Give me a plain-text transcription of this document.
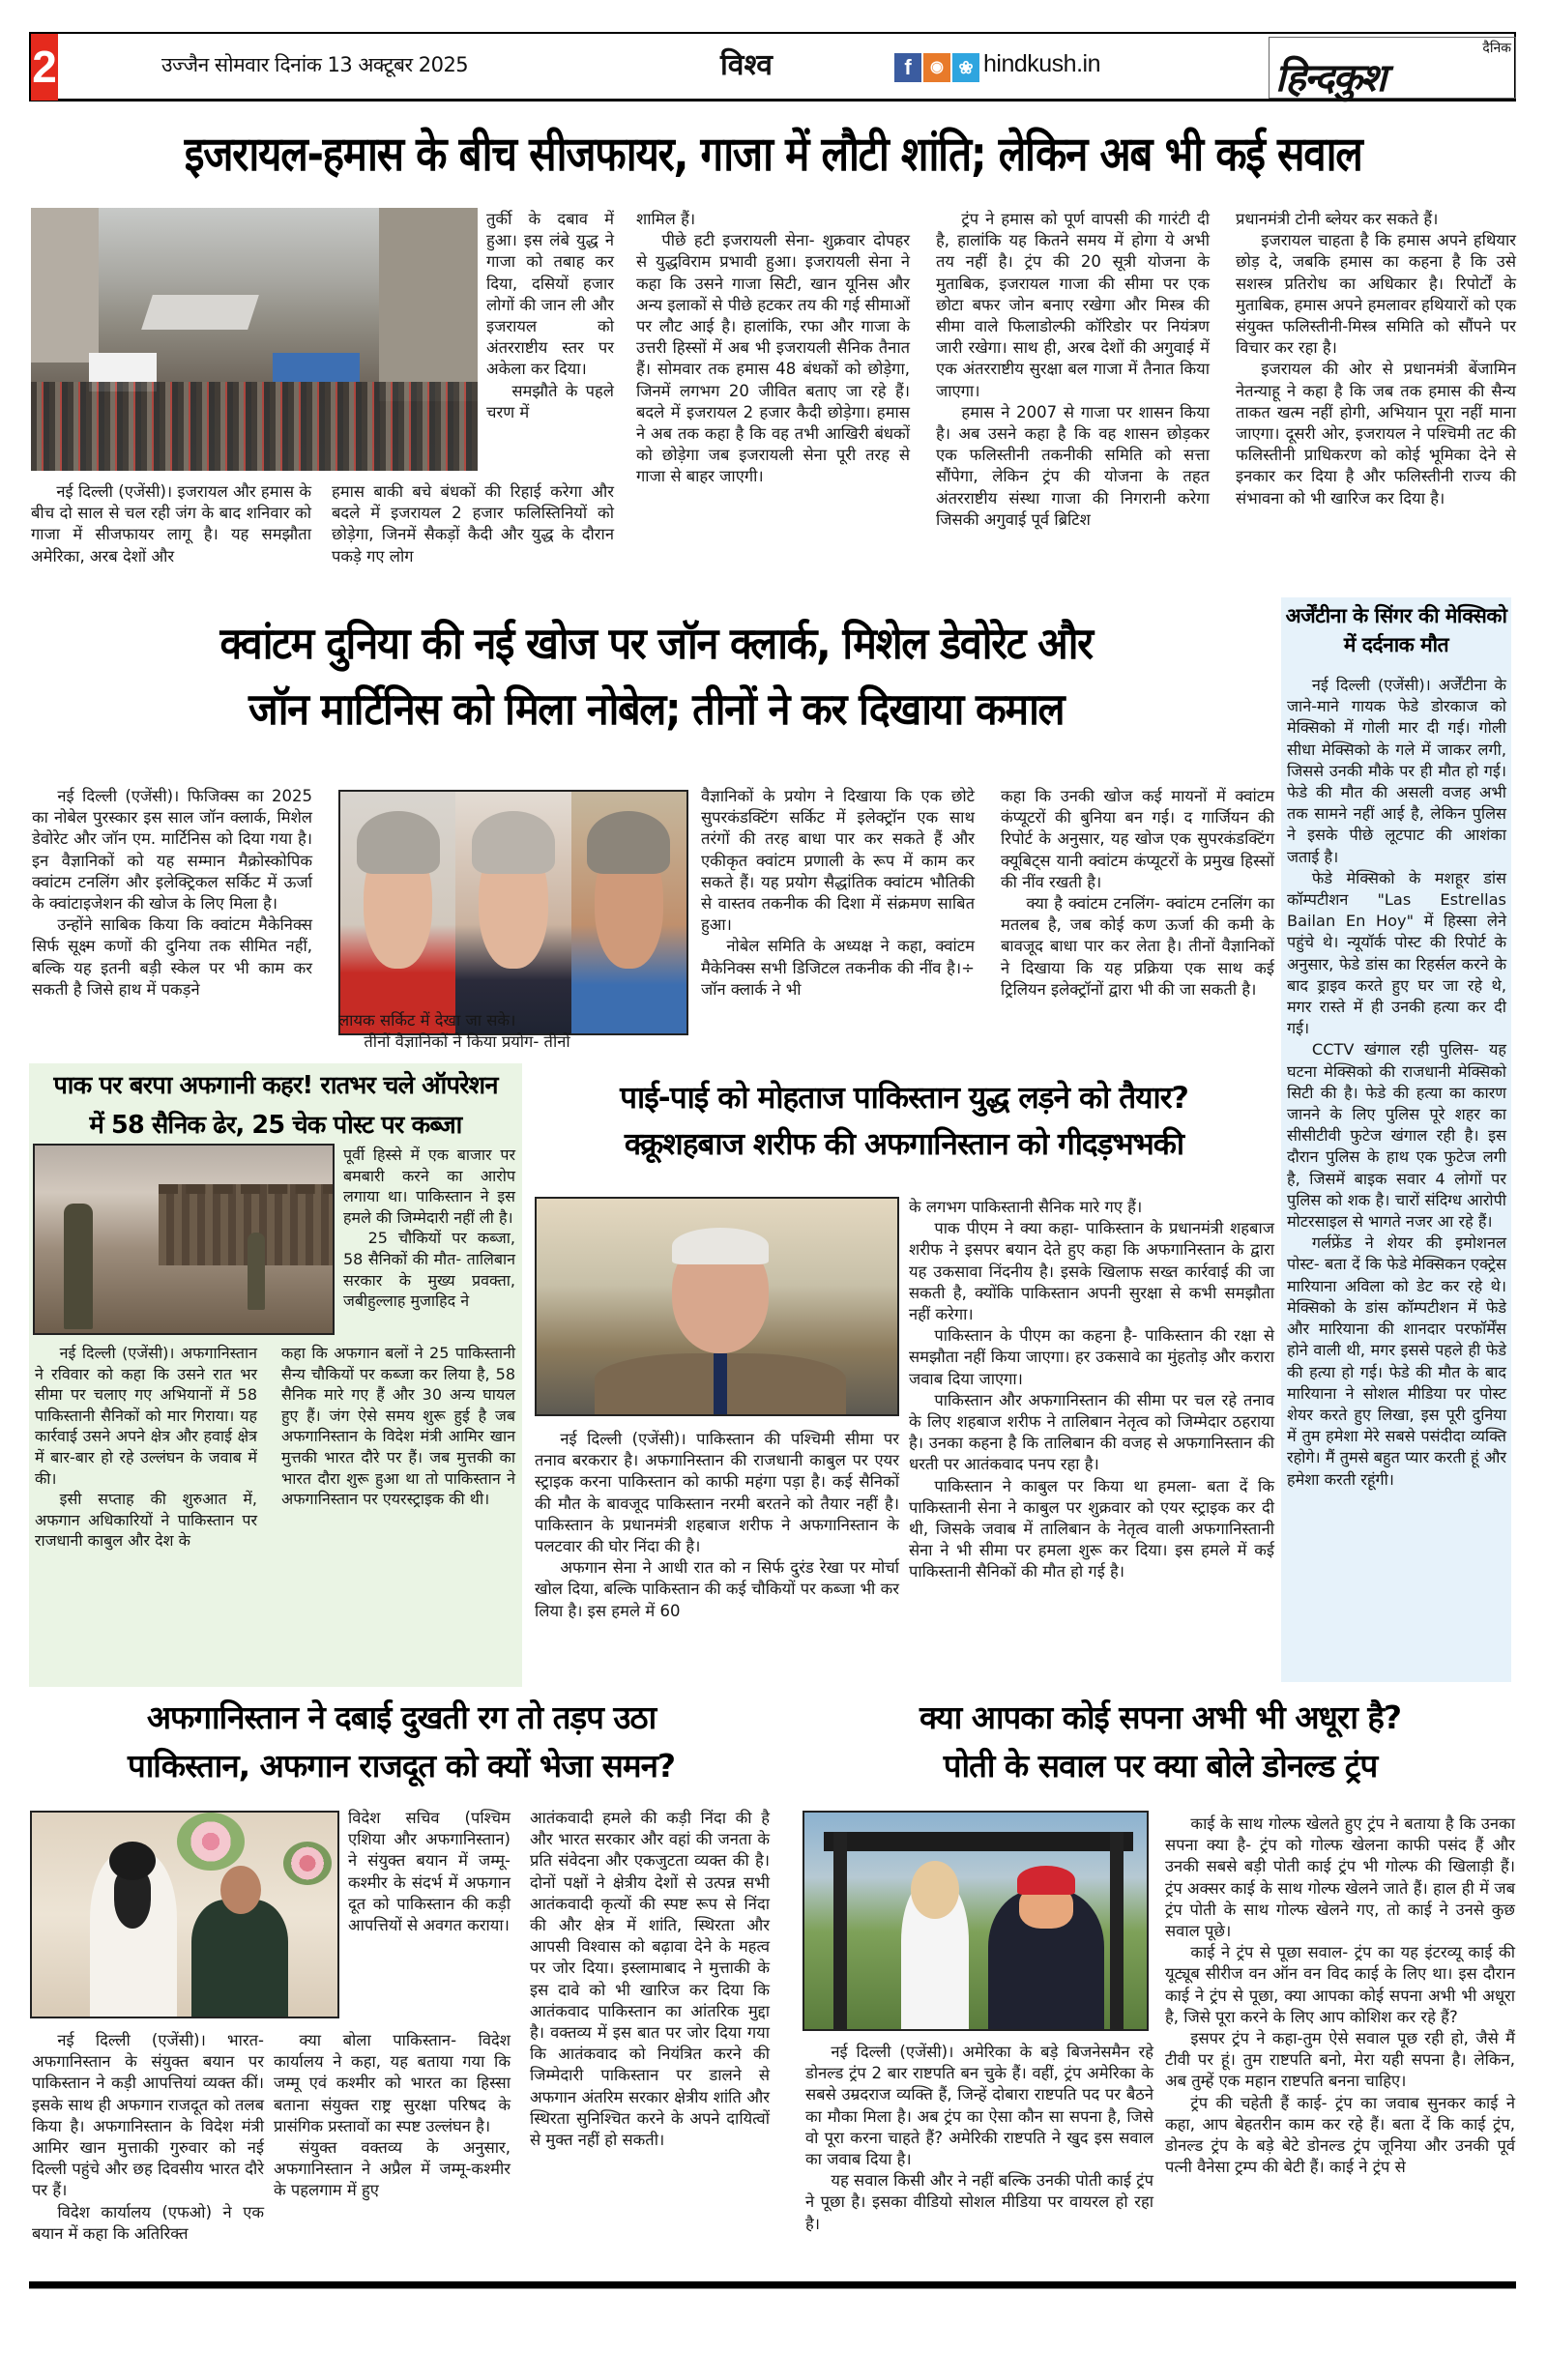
2	उज्जैन सोमवार दिनांक 13 अक्टूबर 2025	विश्व	f	◉ ❀ hindkush.in
दैनिक
हिन्दकुश
इजरायल-हमास के बीच सीजफायर, गाजा में लौटी शांति; लेकिन अब भी कई सवाल

तुर्की के दबाव में हुआ। इस लंबे युद्ध ने गाजा को तबाह कर दिया, दसियों हजार लोगों की जान ली और इजरायल को अंतरराष्टीय स्तर पर अकेला कर दिया।

समझौते के पहले चरण में

नई दिल्ली (एजेंसी)। इजरायल और हमास के बीच दो साल से चल रही जंग के बाद शनिवार को गाजा में सीजफायर लागू है। यह समझौता अमेरिका, अरब देशों और

हमास बाकी बचे बंधकों की रिहाई करेगा और बदले में इजरायल 2 हजार फलिस्तिनियों को छोड़ेगा, जिनमें सैकड़ों कैदी और युद्ध के दौरान पकड़े गए लोग

शामिल हैं।

पीछे हटी इजरायली सेना- शुक्रवार दोपहर से युद्धविराम प्रभावी हुआ। इजरायली सेना ने कहा कि उसने गाजा सिटी, खान यूनिस और अन्य इलाकों से पीछे हटकर तय की गई सीमाओं पर लौट आई है। हालांकि, रफा और गाजा के उत्तरी हिस्सों में अब भी इजरायली सैनिक तैनात हैं। सोमवार तक हमास 48 बंधकों को छोड़ेगा, जिनमें लगभग 20 जीवित बताए जा रहे हैं। बदले में इजरायल 2 हजार कैदी छोड़ेगा। हमास ने अब तक कहा है कि वह तभी आखिरी बंधकों को छोड़ेगा जब इजरायली सेना पूरी तरह से गाजा से बाहर जाएगी।

ट्रंप ने हमास को पूर्ण वापसी की गारंटी दी है, हालांकि यह कितने समय में होगा ये अभी तय नहीं है। ट्रंप की 20 सूत्री योजना के मुताबिक, इजरायल गाजा की सीमा पर एक छोटा बफर जोन बनाए रखेगा और मिस्त्र की सीमा वाले फिलाडोल्फी कॉरिडोर पर नियंत्रण जारी रखेगा। साथ ही, अरब देशों की अगुवाई में एक अंतरराष्टीय सुरक्षा बल गाजा में तैनात किया जाएगा।

हमास ने 2007 से गाजा पर शासन किया है। अब उसने कहा है कि वह शासन छोड़कर एक फलिस्तीनी तकनीकी समिति को सत्ता सौंपेगा, लेकिन ट्रंप की योजना के तहत अंतरराष्टीय संस्था गाजा की निगरानी करेगा जिसकी अगुवाई पूर्व ब्रिटिश

प्रधानमंत्री टोनी ब्लेयर कर सकते हैं।

इजरायल चाहता है कि हमास अपने हथियार छोड़ दे, जबकि हमास का कहना है कि उसे सशस्त्र प्रतिरोध का अधिकार है। रिपोर्टों के मुताबिक, हमास अपने हमलावर हथियारों को एक संयुक्त फलिस्तीनी-मिस्त्र समिति को सौंपने पर विचार कर रहा है।

इजरायल की ओर से प्रधानमंत्री बेंजामिन नेतन्याहू ने कहा है कि जब तक हमास की सैन्य ताकत खत्म नहीं होगी, अभियान पूरा नहीं माना जाएगा। दूसरी ओर, इजरायल ने पश्चिमी तट की फलिस्तीनी प्राधिकरण को कोई भूमिका देने से इनकार कर दिया है और फलिस्तीनी राज्य की संभावना को भी खारिज कर दिया है।

क्वांटम दुनिया की नई खोज पर जॉन क्लार्क, मिशेल डेवोरेट और
जॉन मार्टिनिस को मिला नोबेल; तीनों ने कर दिखाया कमाल

नई दिल्ली (एजेंसी)। फिजिक्स का 2025 का नोबेल पुरस्कार इस साल जॉन क्लार्क, मिशेल डेवोरेट और जॉन एम. मार्टिनिस को दिया गया है। इन वैज्ञानिकों को यह सम्मान मैक्रोस्कोपिक क्वांटम टनलिंग और इलेक्ट्रिकल सर्किट में ऊर्जा के क्वांटाइजेशन की खोज के लिए मिला है।

उन्होंने साबिक किया कि क्वांटम मैकेनिक्स सिर्फ सूक्ष्म कणों की दुनिया तक सीमित नहीं, बल्कि यह इतनी बड़ी स्केल पर भी काम कर सकती है जिसे हाथ में पकड़ने

लायक सर्किट में देखा जा सके।

तीनों वैज्ञानिकों ने किया प्रयोग- तीनों

वैज्ञानिकों के प्रयोग ने दिखाया कि एक छोटे सुपरकंडक्टिंग सर्किट में इलेक्ट्रॉन एक साथ तरंगों की तरह बाधा पार कर सकते हैं और एकीकृत क्वांटम प्रणाली के रूप में काम कर सकते हैं। यह प्रयोग सैद्धांतिक क्वांटम भौतिकी से वास्तव तकनीक की दिशा में संक्रमण साबित हुआ।

नोबेल समिति के अध्यक्ष ने कहा, क्वांटम मैकेनिक्स सभी डिजिटल तकनीक की नींव है।÷ जॉन क्लार्क ने भी

कहा कि उनकी खोज कई मायनों में क्वांटम कंप्यूटरों की बुनिया बन गई। द गार्जियन की रिपोर्ट के अनुसार, यह खोज एक सुपरकंडक्टिंग क्यूबिट्स यानी क्वांटम कंप्यूटरों के प्रमुख हिस्सों की नींव रखती है।

क्या है क्वांटम टनलिंग- क्वांटम टनलिंग का मतलब है, जब कोई कण ऊर्जा की कमी के बावजूद बाधा पार कर लेता है। तीनों वैज्ञानिकों ने दिखाया कि यह प्रक्रिया एक साथ कई ट्रिलियन इलेक्ट्रॉनों द्वारा भी की जा सकती है।

अर्जेंटीना के सिंगर की मेक्सिको में दर्दनाक मौत

नई दिल्ली (एजेंसी)। अर्जेंटीना के जाने-माने गायक फेडे डोरकाज को मेक्सिको में गोली मार दी गई। गोली सीधा मेक्सिको के गले में जाकर लगी, जिससे उनकी मौके पर ही मौत हो गई। फेडे की मौत की असली वजह अभी तक सामने नहीं आई है, लेकिन पुलिस ने इसके पीछे लूटपाट की आशंका जताई है।

फेडे मेक्सिको के मशहूर डांस कॉम्पटीशन "Las Estrellas Bailan En Hoy" में हिस्सा लेने पहुंचे थे। न्यूयॉर्क पोस्ट की रिपोर्ट के अनुसार, फेडे डांस का रिहर्सल करने के बाद ड्राइव करते हुए घर जा रहे थे, मगर रास्ते में ही उनकी हत्या कर दी गई।

CCTV खंगाल रही पुलिस- यह घटना मेक्सिको की राजधानी मेक्सिको सिटी की है। फेडे की हत्या का कारण जानने के लिए पुलिस पूरे शहर का सीसीटीवी फुटेज खंगाल रही है। इस दौरान पुलिस के हाथ एक फुटेज लगी है, जिसमें बाइक सवार 4 लोगों पर पुलिस को शक है। चारों संदिग्ध आरोपी मोटरसाइल से भागते नजर आ रहे हैं।

गर्लफ्रेंड ने शेयर की इमोशनल पोस्ट- बता दें कि फेडे मेक्सिकन एक्ट्रेस मारियाना अविला को डेट कर रहे थे। मेक्सिको के डांस कॉम्पटीशन में फेडे और मारियाना की शानदार परफॉर्मेंस होने वाली थी, मगर इससे पहले ही फेडे की हत्या हो गई। फेडे की मौत के बाद मारियाना ने सोशल मीडिया पर पोस्ट शेयर करते हुए लिखा, इस पूरी दुनिया में तुम हमेशा मेरे सबसे पसंदीदा व्यक्ति रहोगे। मैं तुमसे बहुत प्यार करती हूं और हमेशा करती रहूंगी।

पाक पर बरपा अफगानी कहर! रातभर चले ऑपरेशन
में 58 सैनिक ढेर, 25 चेक पोस्ट पर कब्जा

पूर्वी हिस्से में एक बाजार पर बमबारी करने का आरोप लगाया था। पाकिस्तान ने इस हमले की जिम्मेदारी नहीं ली है।

25 चौकियों पर कब्जा, 58 सैनिकों की मौत- तालिबान सरकार के मुख्य प्रवक्ता, जबीहुल्लाह मुजाहिद ने

नई दिल्ली (एजेंसी)। अफगानिस्तान ने रविवार को कहा कि उसने रात भर सीमा पर चलाए गए अभियानों में 58 पाकिस्तानी सैनिकों को मार गिराया। यह कार्रवाई उसने अपने क्षेत्र और हवाई क्षेत्र में बार-बार हो रहे उल्लंघन के जवाब में की।

इसी सप्ताह की शुरुआत में, अफगान अधिकारियों ने पाकिस्तान पर राजधानी काबुल और देश के

कहा कि अफगान बलों ने 25 पाकिस्तानी सैन्य चौकियों पर कब्जा कर लिया है, 58 सैनिक मारे गए हैं और 30 अन्य घायल हुए हैं। जंग ऐसे समय शुरू हुई है जब अफगानिस्तान के विदेश मंत्री आमिर खान मुत्तकी भारत दौरे पर हैं। जब मुत्तकी का भारत दौरा शुरू हुआ था तो पाकिस्तान ने अफगानिस्तान पर एयरस्ट्राइक की थी।

पाई-पाई को मोहताज पाकिस्तान युद्ध लड़ने को तैयार?
क्क्रूशहबाज शरीफ की अफगानिस्तान को गीदड़भभकी

नई दिल्ली (एजेंसी)। पाकिस्तान की पश्चिमी सीमा पर तनाव बरकरार है। अफगानिस्तान की राजधानी काबुल पर एयर स्ट्राइक करना पाकिस्तान को काफी महंगा पड़ा है। कई सैनिकों की मौत के बावजूद पाकिस्तान नरमी बरतने को तैयार नहीं है। पाकिस्तान के प्रधानमंत्री शहबाज शरीफ ने अफगानिस्तान के पलटवार की घोर निंदा की है।

अफगान सेना ने आधी रात को न सिर्फ दुरंड रेखा पर मोर्चा खोल दिया, बल्कि पाकिस्तान की कई चौकियों पर कब्जा भी कर लिया है। इस हमले में 60

के लगभग पाकिस्तानी सैनिक मारे गए हैं।

पाक पीएम ने क्या कहा- पाकिस्तान के प्रधानमंत्री शहबाज शरीफ ने इसपर बयान देते हुए कहा कि अफगानिस्तान के द्वारा यह उकसावा निंदनीय है। इसके खिलाफ सख्त कार्रवाई की जा सकती है, क्योंकि पाकिस्तान अपनी सुरक्षा से कभी समझौता नहीं करेगा।

पाकिस्तान के पीएम का कहना है- पाकिस्तान की रक्षा से समझौता नहीं किया जाएगा। हर उकसावे का मुंहतोड़ और करारा जवाब दिया जाएगा।

पाकिस्तान और अफगानिस्तान की सीमा पर चल रहे तनाव के लिए शहबाज शरीफ ने तालिबान नेतृत्व को जिम्मेदार ठहराया है। उनका कहना है कि तालिबान की वजह से अफगानिस्तान की धरती पर आतंकवाद पनप रहा है।

पाकिस्तान ने काबुल पर किया था हमला- बता दें कि पाकिस्तानी सेना ने काबुल पर शुक्रवार को एयर स्ट्राइक कर दी थी, जिसके जवाब में तालिबान के नेतृत्व वाली अफगानिस्तानी सेना ने भी सीमा पर हमला शुरू कर दिया। इस हमले में कई पाकिस्तानी सैनिकों की मौत हो गई है।

अफगानिस्तान ने दबाई दुखती रग तो तड़प उठा
पाकिस्तान, अफगान राजदूत को क्यों भेजा समन?

विदेश सचिव (पश्चिम एशिया और अफगानिस्तान) ने संयुक्त बयान में जम्मू-कश्मीर के संदर्भ में अफगान दूत को पाकिस्तान की कड़ी आपत्तियों से अवगत कराया।

नई दिल्ली (एजेंसी)। भारत-अफगानिस्तान के संयुक्त बयान पर पाकिस्तान ने कड़ी आपत्तियां व्यक्त कीं। इसके साथ ही अफगान राजदूत को तलब किया है। अफगानिस्तान के विदेश मंत्री आमिर खान मुत्ताकी गुरुवार को नई दिल्ली पहुंचे और छह दिवसीय भारत दौरे पर हैं।

विदेश कार्यालय (एफओ) ने एक बयान में कहा कि अतिरिक्त

क्या बोला पाकिस्तान- विदेश कार्यालय ने कहा, यह बताया गया कि जम्मू एवं कश्मीर को भारत का हिस्सा बताना संयुक्त राष्ट्र सुरक्षा परिषद के प्रासंगिक प्रस्तावों का स्पष्ट उल्लंघन है।

संयुक्त वक्तव्य के अनुसार, अफगानिस्तान ने अप्रैल में जम्मू-कश्मीर के पहलगाम में हुए

आतंकवादी हमले की कड़ी निंदा की है और भारत सरकार और वहां की जनता के प्रति संवेदना और एकजुटता व्यक्त की है। दोनों पक्षों ने क्षेत्रीय देशों से उत्पन्न सभी आतंकवादी कृत्यों की स्पष्ट रूप से निंदा की और क्षेत्र में शांति, स्थिरता और आपसी विश्वास को बढ़ावा देने के महत्व पर जोर दिया। इस्लामाबाद ने मुत्ताकी के इस दावे को भी खारिज कर दिया कि आतंकवाद पाकिस्तान का आंतरिक मुद्दा है। वक्तव्य में इस बात पर जोर दिया गया कि आतंकवाद को नियंत्रित करने की जिम्मेदारी पाकिस्तान पर डालने से अफगान अंतरिम सरकार क्षेत्रीय शांति और स्थिरता सुनिश्चित करने के अपने दायित्वों से मुक्त नहीं हो सकती।

क्या आपका कोई सपना अभी भी अधूरा है?
पोती के सवाल पर क्या बोले डोनल्ड ट्रंप

नई दिल्ली (एजेंसी)। अमेरिका के बड़े बिजनेसमैन रहे डोनल्ड ट्रंप 2 बार राष्टपति बन चुके हैं। वहीं, ट्रंप अमेरिका के सबसे उम्रदराज व्यक्ति हैं, जिन्हें दोबारा राष्टपति पद पर बैठने का मौका मिला है। अब ट्रंप का ऐसा कौन सा सपना है, जिसे वो पूरा करना चाहते हैं? अमेरिकी राष्टपति ने खुद इस सवाल का जवाब दिया है।

यह सवाल किसी और ने नहीं बल्कि उनकी पोती काई ट्रंप ने पूछा है। इसका वीडियो सोशल मीडिया पर वायरल हो रहा है।

काई के साथ गोल्फ खेलते हुए ट्रंप ने बताया है कि उनका सपना क्या है- ट्रंप को गोल्फ खेलना काफी पसंद हैं और उनकी सबसे बड़ी पोती काई ट्रंप भी गोल्फ की खिलाड़ी हैं। ट्रंप अक्सर काई के साथ गोल्फ खेलने जाते हैं। हाल ही में जब ट्रंप पोती के साथ गोल्फ खेलने गए, तो काई ने उनसे कुछ सवाल पूछे।

काई ने ट्रंप से पूछा सवाल- ट्रंप का यह इंटरव्यू काई की यूट्यूब सीरीज वन ऑन वन विद काई के लिए था। इस दौरान काई ने ट्रंप से पूछा, क्या आपका कोई सपना अभी भी अधूरा है, जिसे पूरा करने के लिए आप कोशिश कर रहे हैं?

इसपर ट्रंप ने कहा-तुम ऐसे सवाल पूछ रही हो, जैसे मैं टीवी पर हूं। तुम राष्टपति बनो, मेरा यही सपना है। लेकिन, अब तुम्हें एक महान राष्टपति बनना चाहिए।

ट्रंप की चहेती हैं काई- ट्रंप का जवाब सुनकर काई ने कहा, आप बेहतरीन काम कर रहे हैं। बता दें कि काई ट्रंप, डोनल्ड ट्रंप के बड़े बेटे डोनल्ड ट्रंप जूनिया और उनकी पूर्व पत्नी वैनेसा ट्रम्प की बेटी हैं। काई ने ट्रंप से
